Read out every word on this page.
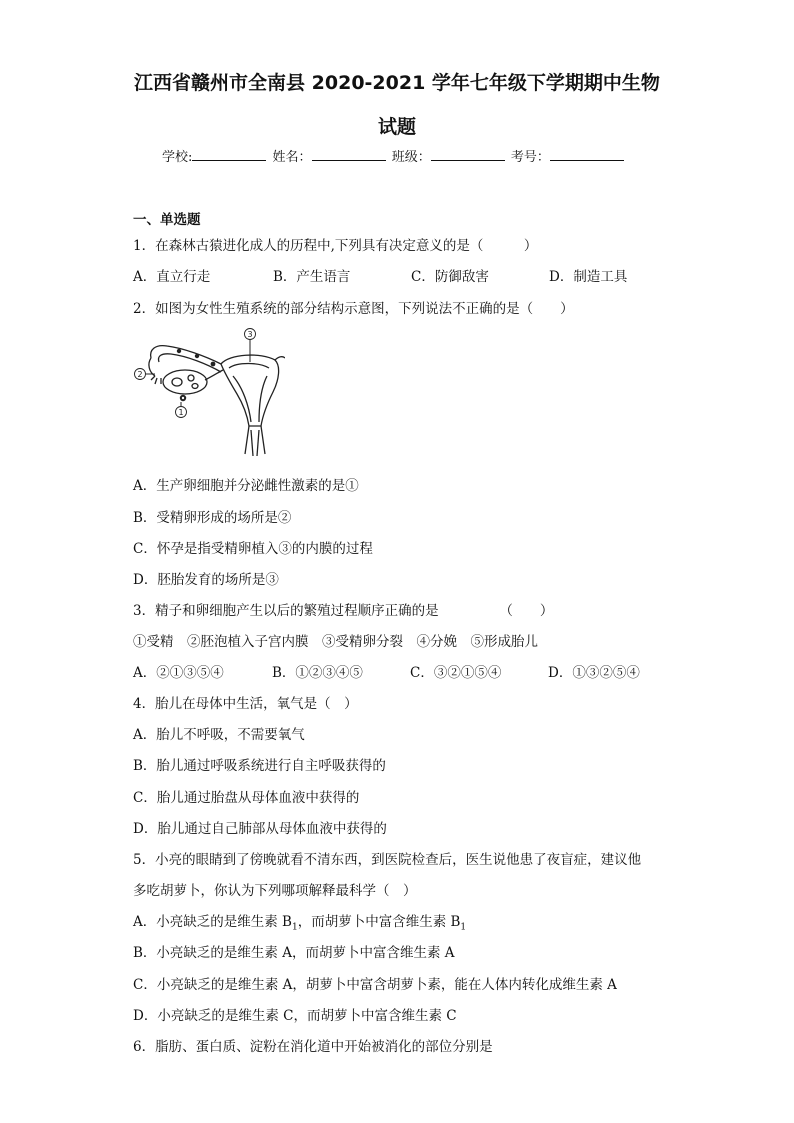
江西省赣州市全南县 2020-2021 学年七年级下学期期中生物
试题
学校:	姓名：	班级：	考号：
一、单选题
1．在森林古猿进化成人的历程中,下列具有决定意义的是（　　　）
A．直立行走	B．产生语言	C．防御敌害	D．制造工具
2．如图为女性生殖系统的部分结构示意图，下列说法不正确的是（　　）
3
2
1
A．生产卵细胞并分泌雌性激素的是①
B．受精卵形成的场所是②
C．怀孕是指受精卵植入③的内膜的过程
D．胚胎发育的场所是③
3．精子和卵细胞产生以后的繁殖过程顺序正确的是　　　　　（　　）
①受精　②胚泡植入子宫内膜　③受精卵分裂　④分娩　⑤形成胎儿
A．②①③⑤④	B．①②③④⑤	C．③②①⑤④	D．①③②⑤④
4．胎儿在母体中生活，氧气是（　）
A．胎儿不呼吸，不需要氧气
B．胎儿通过呼吸系统进行自主呼吸获得的
C．胎儿通过胎盘从母体血液中获得的
D．胎儿通过自己肺部从母体血液中获得的
5．小亮的眼睛到了傍晚就看不清东西，到医院检查后，医生说他患了夜盲症，建议他
多吃胡萝卜，你认为下列哪项解释最科学（　）
A．小亮缺乏的是维生素 $B_1$，而胡萝卜中富含维生素 $B_1$
B．小亮缺乏的是维生素 A，而胡萝卜中富含维生素 A
C．小亮缺乏的是维生素 A，胡萝卜中富含胡萝卜素，能在人体内转化成维生素 A
D．小亮缺乏的是维生素 C，而胡萝卜中富含维生素 C
6．脂肪、蛋白质、淀粉在消化道中开始被消化的部位分别是
